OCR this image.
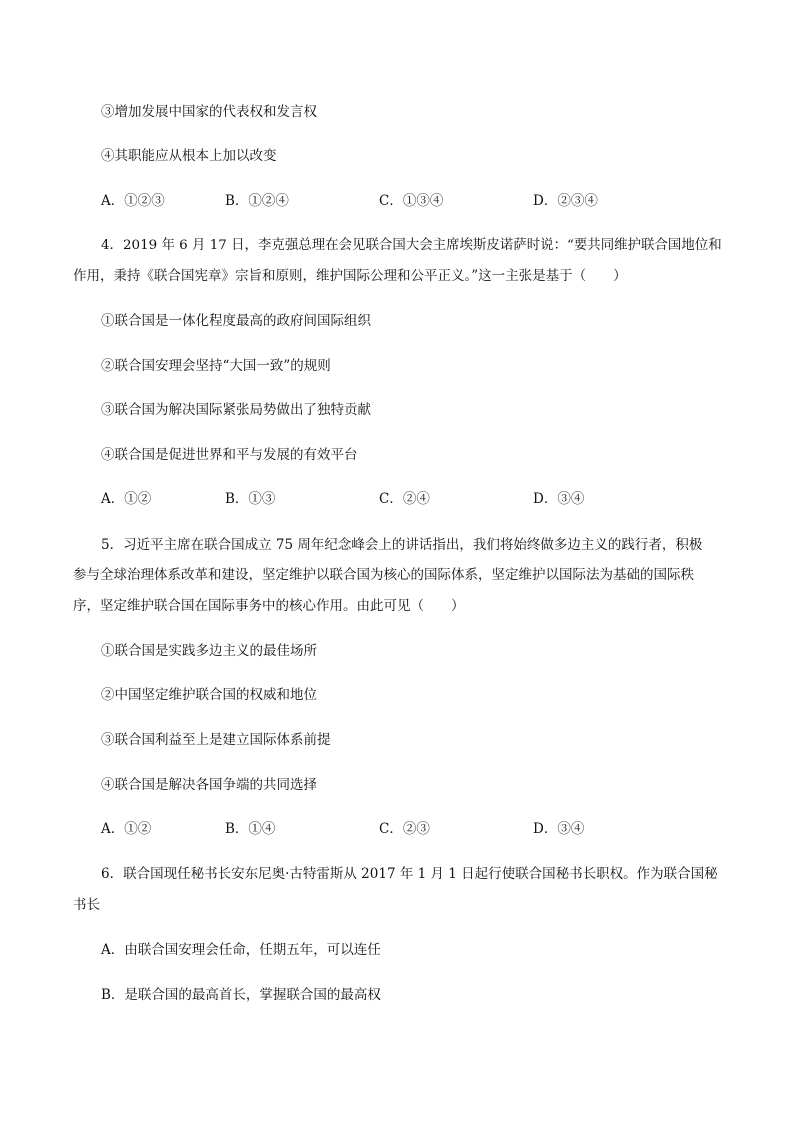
③增加发展中国家的代表权和发言权
④其职能应从根本上加以改变
A．①②③	B．①②④	C．①③④	D．②③④
4．2019 年 6 月 17 日，李克强总理在会见联合国大会主席埃斯皮诺萨时说：“要共同维护联合国地位和
作用，秉持《联合国宪章》宗旨和原则，维护国际公理和公平正义。”这一主张是基于（　　）
①联合国是一体化程度最高的政府间国际组织
②联合国安理会坚持“大国一致”的规则
③联合国为解决国际紧张局势做出了独特贡献
④联合国是促进世界和平与发展的有效平台
A．①②	B．①③	C．②④	D．③④
5．习近平主席在联合国成立 75 周年纪念峰会上的讲话指出，我们将始终做多边主义的践行者，积极
参与全球治理体系改革和建设，坚定维护以联合国为核心的国际体系，坚定维护以国际法为基础的国际秩
序，坚定维护联合国在国际事务中的核心作用。由此可见（　　）
①联合国是实践多边主义的最佳场所
②中国坚定维护联合国的权威和地位
③联合国利益至上是建立国际体系前提
④联合国是解决各国争端的共同选择
A．①②	B．①④	C．②③	D．③④
6．联合国现任秘书长安东尼奥·古特雷斯从 2017 年 1 月 1 日起行使联合国秘书长职权。作为联合国秘
书长
A．由联合国安理会任命，任期五年，可以连任
B．是联合国的最高首长，掌握联合国的最高权
